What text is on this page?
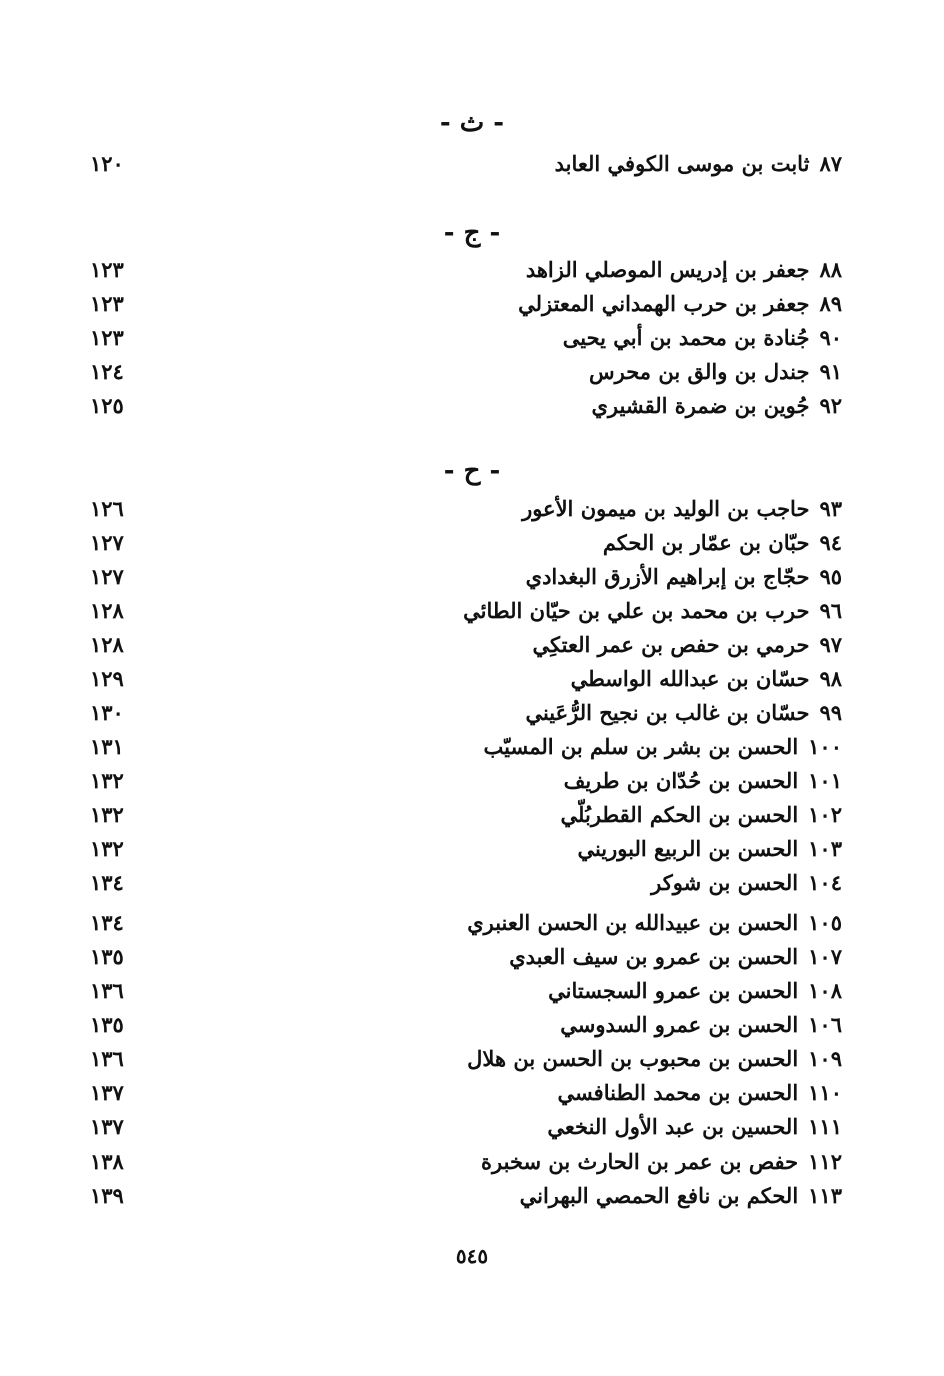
- ث -
٨٧
ثابت بن موسى الكوفي العابد
١٢٠
- ج -
٨٨
جعفر بن إدريس الموصلي الزاهد
١٢٣
٨٩
جعفر بن حرب الهمداني المعتزلي
١٢٣
٩٠
جُنادة بن محمد بن أبي يحيى
١٢٣
٩١
جندل بن والق بن محرس
١٢٤
٩٢
جُوين بن ضمرة القشيري
١٢٥
- ح -
٩٣
حاجب بن الوليد بن ميمون الأعور
١٢٦
٩٤
حبّان بن عمّار بن الحكم
١٢٧
٩٥
حجّاج بن إبراهيم الأزرق البغدادي
١٢٧
٩٦
حرب بن محمد بن علي بن حيّان الطائي
١٢٨
٩٧
حرمي بن حفص بن عمر العتكِي
١٢٨
٩٨
حسّان بن عبدالله الواسطي
١٢٩
٩٩
حسّان بن غالب بن نجيح الرُّعَيني
١٣٠
١٠٠
الحسن بن بشر بن سلم بن المسيّب
١٣١
١٠١
الحسن بن حُدّان بن طريف
١٣٢
١٠٢
الحسن بن الحكم القطربُلّي
١٣٢
١٠٣
الحسن بن الربيع البوريني
١٣٢
١٠٤
الحسن بن شوكر
١٣٤
١٠٥
الحسن بن عبيدالله بن الحسن العنبري
١٣٤
١٠٧
الحسن بن عمرو بن سيف العبدي
١٣٥
١٠٨
الحسن بن عمرو السجستاني
١٣٦
١٠٦
الحسن بن عمرو السدوسي
١٣٥
١٠٩
الحسن بن محبوب بن الحسن بن هلال
١٣٦
١١٠
الحسن بن محمد الطنافسي
١٣٧
١١١
الحسين بن عبد الأول النخعي
١٣٧
١١٢
حفص بن عمر بن الحارث بن سخبرة
١٣٨
١١٣
الحكم بن نافع الحمصي البهراني
١٣٩
٥٤٥
